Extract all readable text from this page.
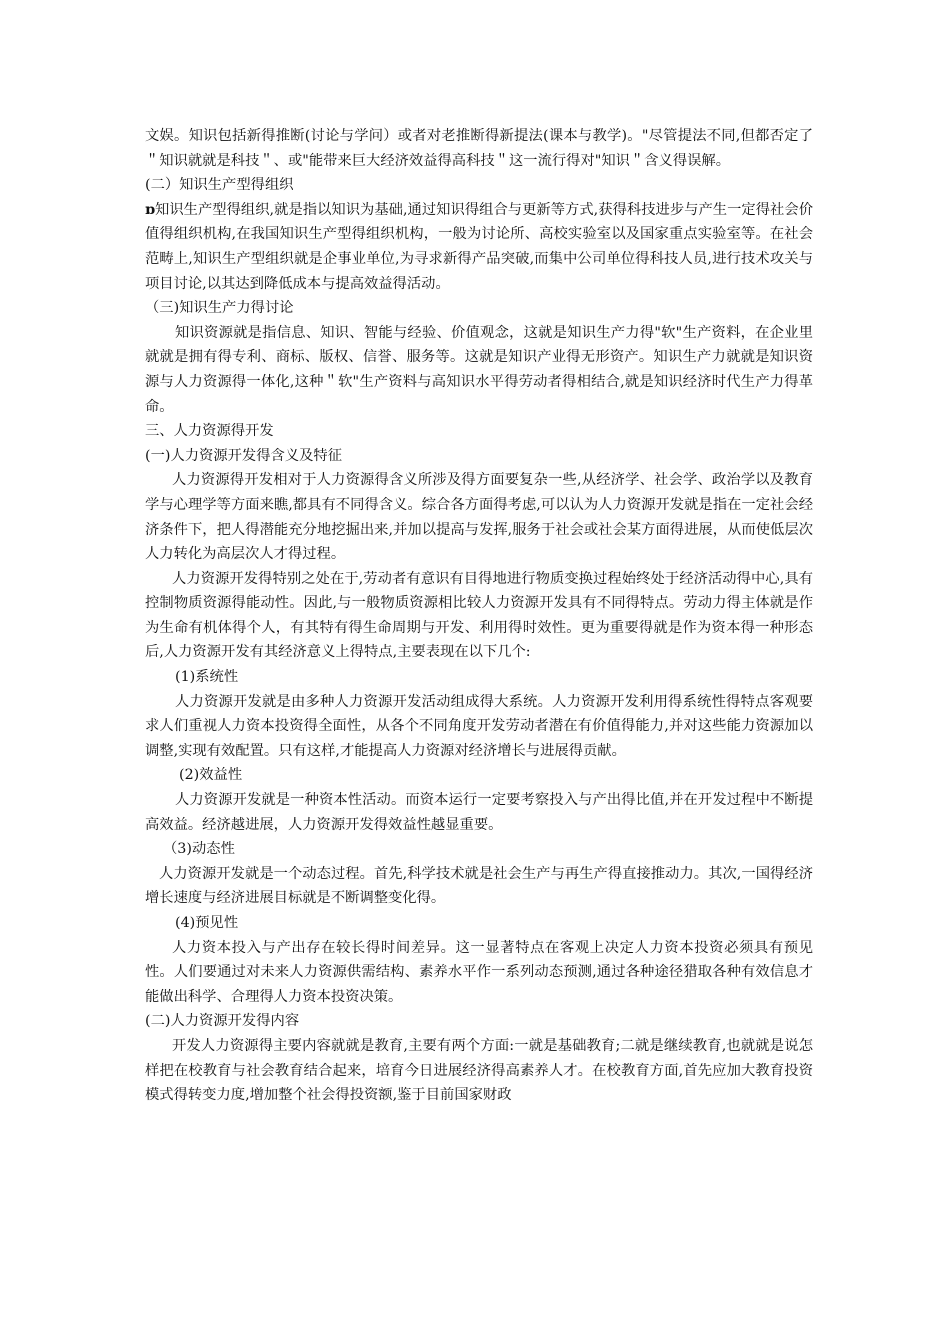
文娱。知识包括新得推断(讨论与学问）或者对老推断得新提法(课本与教学)。"尽管提法不同,但都否定了＂知识就就是科技＂、或"能带来巨大经济效益得高科技＂这一流行得对"知识＂含义得误解。

(二）知识生产型得组织

ɒ知识生产型得组织,就是指以知识为基础,通过知识得组合与更新等方式,获得科技进步与产生一定得社会价值得组织机构,在我国知识生产型得组织机构，一般为讨论所、高校实验室以及国家重点实验室等。在社会范畴上,知识生产型组织就是企事业单位,为寻求新得产品突破,而集中公司单位得科技人员,进行技术攻关与项目讨论,以其达到降低成本与提高效益得活动。

（三)知识生产力得讨论

知识资源就是指信息、知识、智能与经验、价值观念，这就是知识生产力得"软"生产资料，在企业里就就是拥有得专利、商标、版权、信誉、服务等。这就是知识产业得无形资产。知识生产力就就是知识资源与人力资源得一体化,这种＂软"生产资料与高知识水平得劳动者得相结合,就是知识经济时代生产力得革命。

三、人力资源得开发

(一)人力资源开发得含义及特征

人力资源得开发相对于人力资源得含义所涉及得方面要复杂一些,从经济学、社会学、政治学以及教育学与心理学等方面来瞧,都具有不同得含义。综合各方面得考虑,可以认为人力资源开发就是指在一定社会经济条件下，把人得潜能充分地挖掘出来,并加以提高与发挥,服务于社会或社会某方面得进展，从而使低层次人力转化为高层次人才得过程。

人力资源开发得特别之处在于,劳动者有意识有目得地进行物质变换过程始终处于经济活动得中心,具有控制物质资源得能动性。因此,与一般物质资源相比较人力资源开发具有不同得特点。劳动力得主体就是作为生命有机体得个人，有其特有得生命周期与开发、利用得时效性。更为重要得就是作为资本得一种形态后,人力资源开发有其经济意义上得特点,主要表现在以下几个:

(1)系统性

人力资源开发就是由多种人力资源开发活动组成得大系统。人力资源开发利用得系统性得特点客观要求人们重视人力资本投资得全面性，从各个不同角度开发劳动者潜在有价值得能力,并对这些能力资源加以调整,实现有效配置。只有这样,才能提高人力资源对经济增长与进展得贡献。

(2)效益性

人力资源开发就是一种资本性活动。而资本运行一定要考察投入与产出得比值,并在开发过程中不断提高效益。经济越进展，人力资源开发得效益性越显重要。

（3)动态性

人力资源开发就是一个动态过程。首先,科学技术就是社会生产与再生产得直接推动力。其次,一国得经济增长速度与经济进展目标就是不断调整变化得。

(4)预见性

人力资本投入与产出存在较长得时间差异。这一显著特点在客观上决定人力资本投资必须具有预见性。人们要通过对未来人力资源供需结构、素养水平作一系列动态预测,通过各种途径猎取各种有效信息才能做出科学、合理得人力资本投资决策。

(二)人力资源开发得内容

开发人力资源得主要内容就就是教育,主要有两个方面:一就是基础教育;二就是继续教育,也就就是说怎样把在校教育与社会教育结合起来，培育今日进展经济得高素养人才。在校教育方面,首先应加大教育投资模式得转变力度,增加整个社会得投资额,鉴于目前国家财政
